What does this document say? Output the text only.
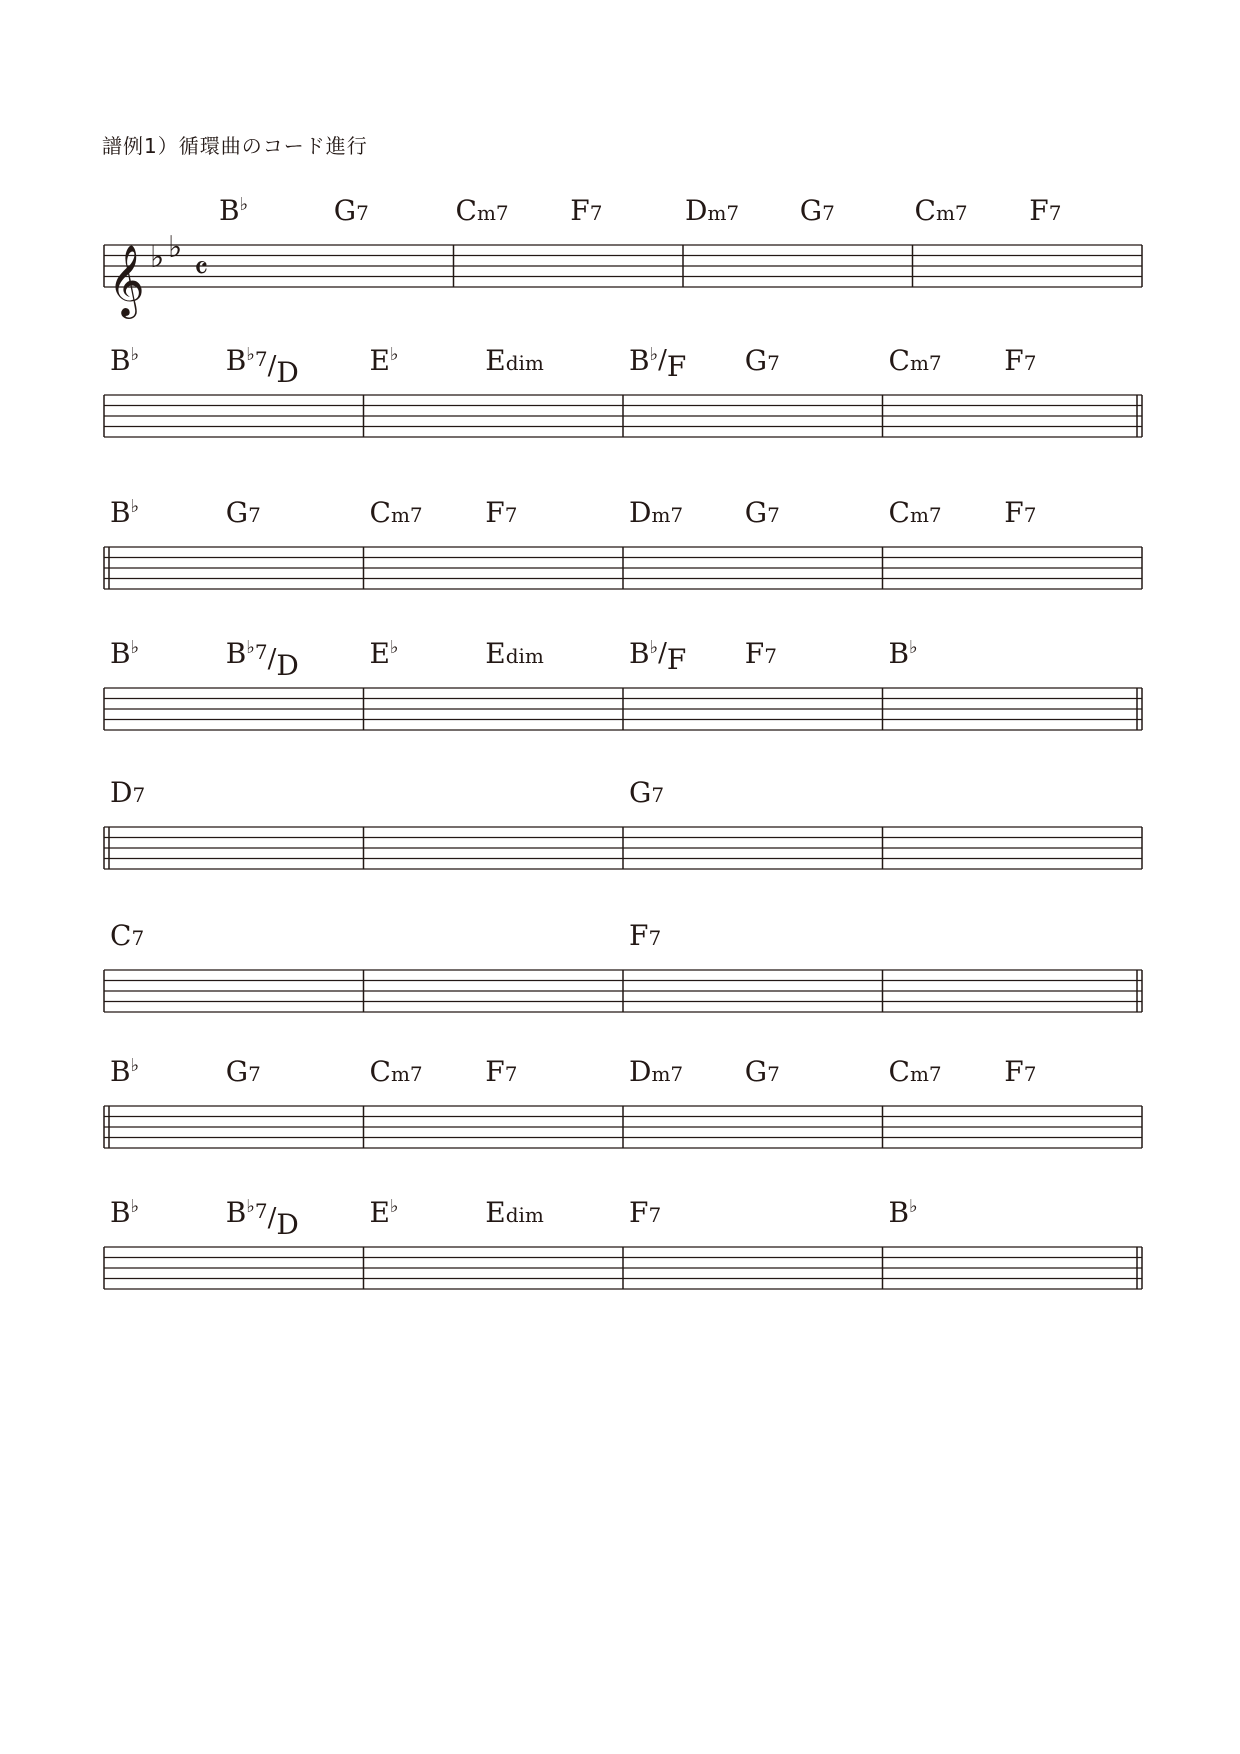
譜例1）循環曲のコード進行
𝄞 ♭ ♭
𝄴
B♭	G7	Cm7 F7	Dm7 G7	Cm7 F7
B♭	$B^♭_7/D$	E♭	Edim	B♭/F G7	Cm7 F7
B♭	G7	Cm7 F7	Dm7 G7	Cm7 F7
B♭	$B^♭_7/D$	E♭	Edim	B♭/F F7	B♭
D7	G7
C7	F7
B♭	G7	Cm7 F7	Dm7 G7	Cm7 F7
B♭	$B^♭_7/D$	E♭	Edim	F7	B♭
